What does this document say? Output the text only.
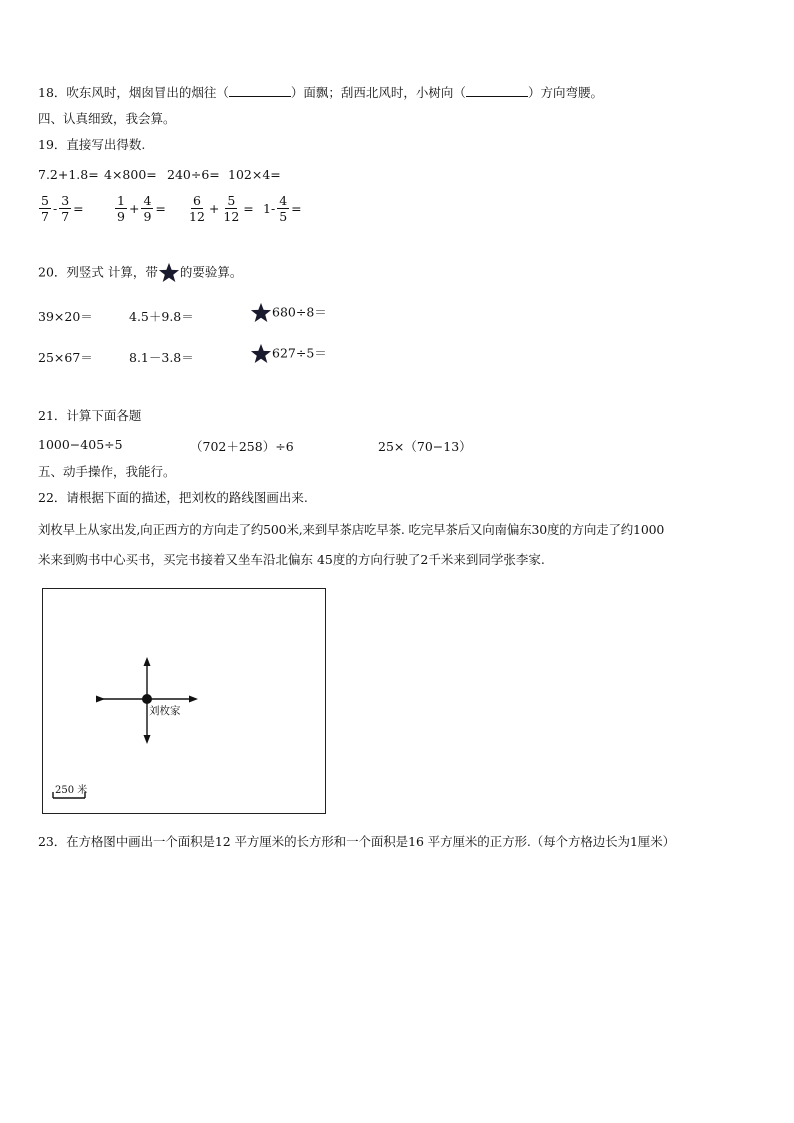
18．吹东风时，烟囱冒出的烟往（	）面飘；刮西北风时，小树向（	）方向弯腰。
四、认真细致，我会算。
19．直接写出得数.
7.2+1.8= 4×800= 240÷6= 102×4=
$\frac{5}{7} - \frac{3}{7}$ =	$\frac{1}{9} + \frac{4}{9} = \frac{6}{12} + \frac{5}{12} = 1- \frac{4}{5}$ =
20．列竖式 计算，带 的要验算。
39×20＝	4.5＋9.8＝	680÷8＝
25×67＝	8.1－3.8＝	627÷5＝
21．计算下面各题
1000−405÷5	（702＋258）÷6	25×（70−13）
五、动手操作，我能行。
22．请根据下面的描述，把刘枚的路线图画出来.
刘枚早上从家出发,向正西方的方向走了约500米,来到早茶店吃早茶. 吃完早茶后又向南偏东30度的方向走了约1000
米来到购书中心买书，买完书接着又坐车沿北偏东 45度的方向行驶了2千米来到同学张李家.
刘枚家
250 米
23．在方格图中画出一个面积是12 平方厘米的长方形和一个面积是16 平方厘米的正方形.（每个方格边长为1厘米）
